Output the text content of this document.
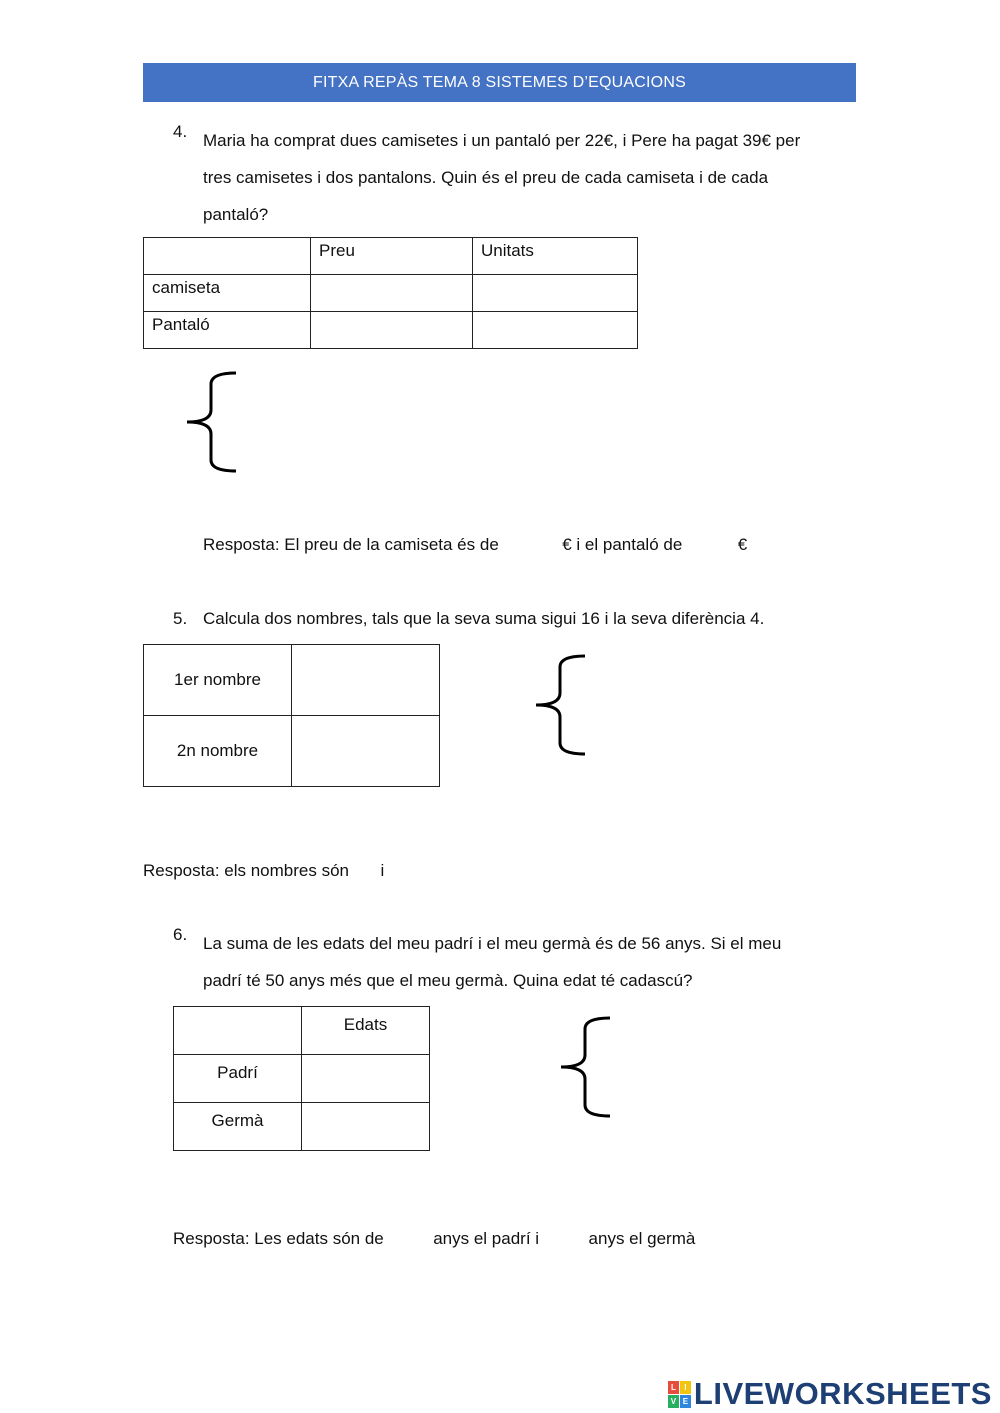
FITXA REPÀS TEMA 8 SISTEMES D’EQUACIONS
4. Maria ha comprat dues camisetes i un pantaló per 22€, i Pere ha pagat 39€ per
tres camisetes i dos pantalons. Quin és el preu de cada camiseta i de cada
pantaló?
	Preu	Unitats
camiseta		
Pantaló		
Resposta: El preu de la camiseta és de	€ i el pantaló de	€
5. Calcula dos nombres, tals que la seva suma sigui 16 i la seva diferència 4.
1er nombre	
2n nombre	
Resposta: els nombres són i
6. La suma de les edats del meu padrí i el meu germà és de 56 anys. Si el meu
padrí té 50 anys més que el meu germà. Quina edat té cadascú?
	Edats
Padrí	
Germà	
Resposta: Les edats són de	anys el padrí i	anys el germà
L	I
V E LIVEWORKSHEETS
